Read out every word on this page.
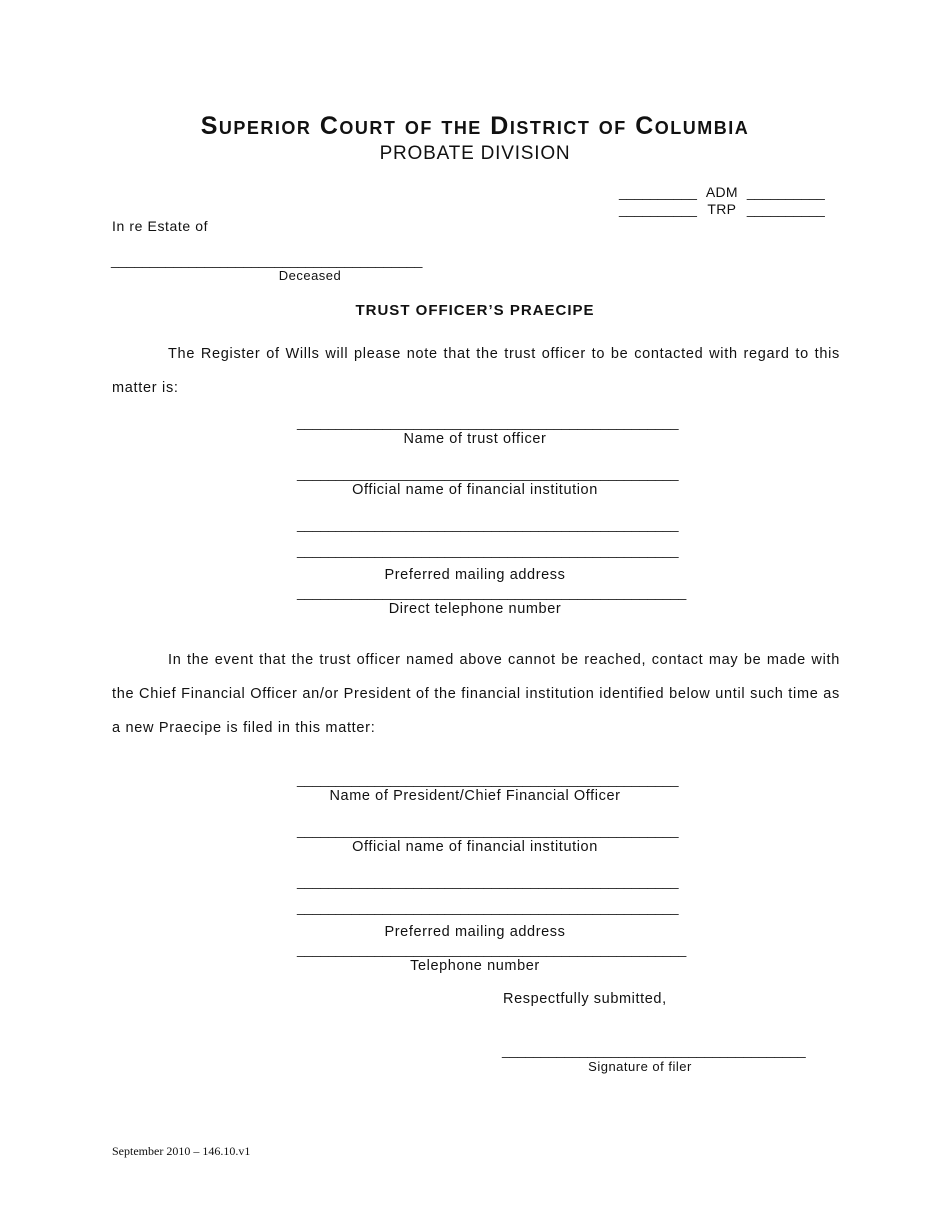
Superior Court of the District of Columbia
PROBATE DIVISION
__________ ADM __________
__________ TRP __________
In re Estate of
________________________________________
Deceased
TRUST OFFICER’S PRAECIPE
The Register of Wills will please note that the trust officer to be contacted with regard to this matter is:
_________________________________________________
Name of trust officer
_________________________________________________
Official name of financial institution
_________________________________________________
_________________________________________________
Preferred mailing address
__________________________________________________
Direct telephone number
In the event that the trust officer named above cannot be reached, contact may be made with the Chief Financial Officer an/or President of the financial institution identified below until such time as a new Praecipe is filed in this matter:
_________________________________________________
Name of President/Chief Financial Officer
_________________________________________________
Official name of financial institution
_________________________________________________
_________________________________________________
Preferred mailing address
__________________________________________________
Telephone number
Respectfully submitted,
_______________________________________
Signature of filer
September 2010 – 146.10.v1
